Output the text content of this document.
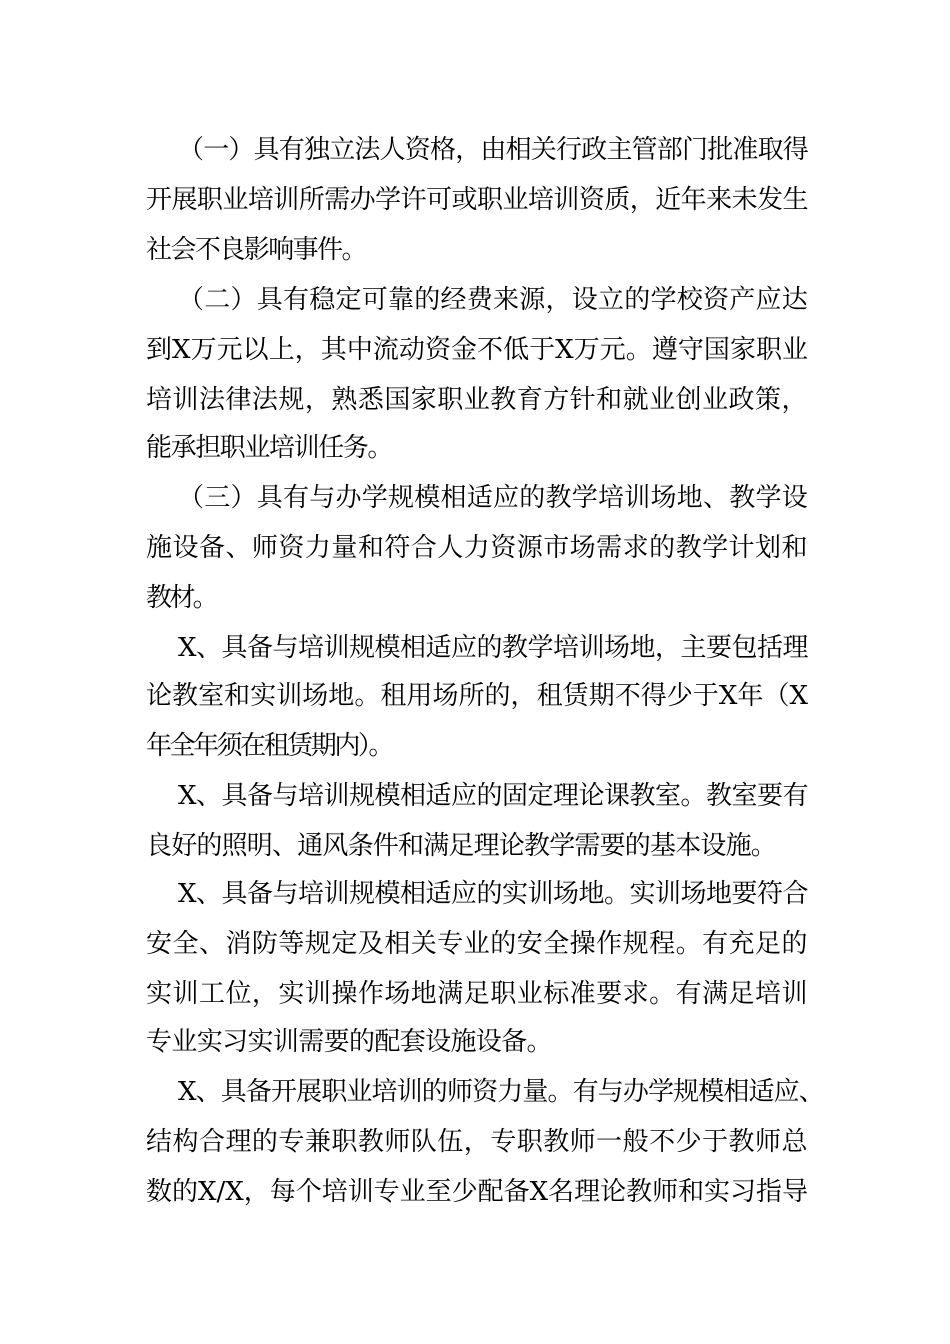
（一）具有独立法人资格，由相关行政主管部门批准取得
开展职业培训所需办学许可或职业培训资质，近年来未发生
社会不良影响事件。
（二）具有稳定可靠的经费来源，设立的学校资产应达
到X万元以上，其中流动资金不低于X万元。遵守国家职业
培训法律法规，熟悉国家职业教育方针和就业创业政策，
能承担职业培训任务。
（三）具有与办学规模相适应的教学培训场地、教学设
施设备、师资力量和符合人力资源市场需求的教学计划和
教材。
X、具备与培训规模相适应的教学培训场地，主要包括理
论教室和实训场地。租用场所的，租赁期不得少于X年（X
年全年须在租赁期内）。
X、具备与培训规模相适应的固定理论课教室。教室要有
良好的照明、通风条件和满足理论教学需要的基本设施。
X、具备与培训规模相适应的实训场地。实训场地要符合
安全、消防等规定及相关专业的安全操作规程。有充足的
实训工位，实训操作场地满足职业标准要求。有满足培训
专业实习实训需要的配套设施设备。
X、具备开展职业培训的师资力量。有与办学规模相适应、
结构合理的专兼职教师队伍，专职教师一般不少于教师总
数的X/X，每个培训专业至少配备X名理论教师和实习指导
